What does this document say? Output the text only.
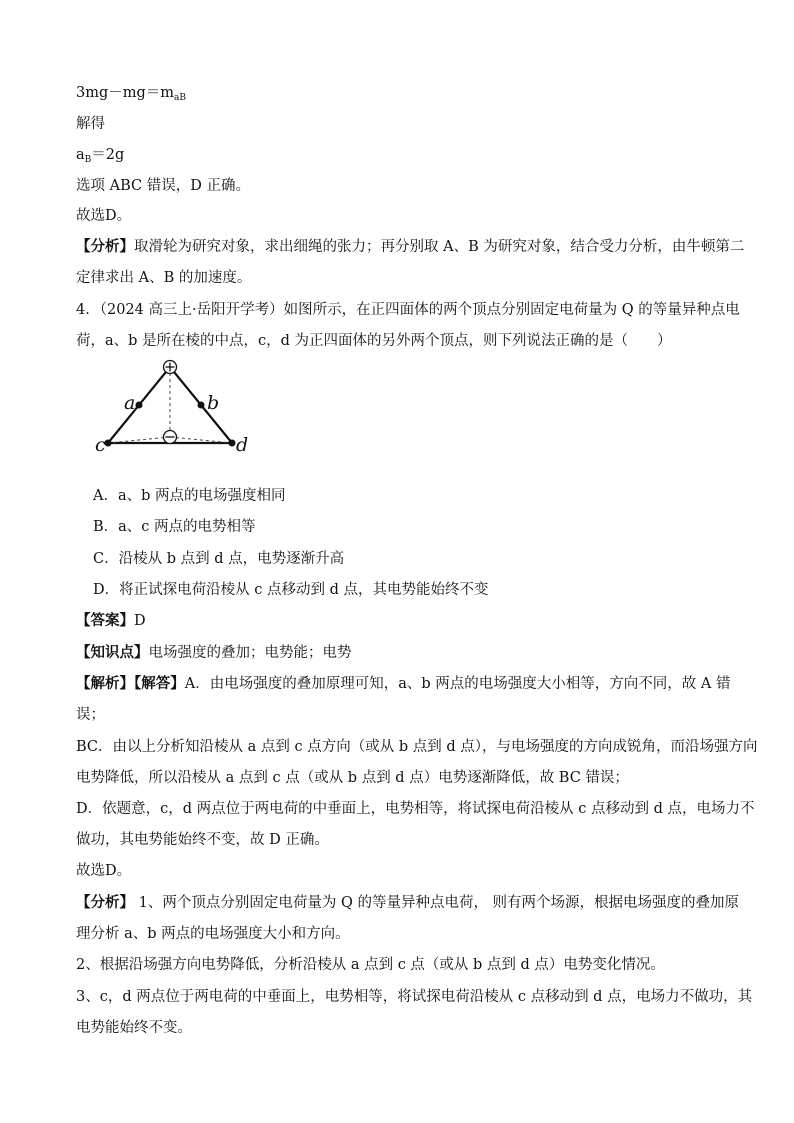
$3mg-mg=m_{aB}$
解得
$a_B=2g$
选项 ABC 错误，D 正确。
故选D。
【分析】取滑轮为研究对象，求出细绳的张力；再分别取 A、B 为研究对象，结合受力分析，由牛顿第二
定律求出 A、B 的加速度。
4．（2024 高三上·岳阳开学考）如图所示，在正四面体的两个顶点分别固定电荷量为 Q 的等量异种点电
荷，a、b 是所在棱的中点，c，d 为正四面体的另外两个顶点，则下列说法正确的是（　　）
a	b
c	d
A．a、b 两点的电场强度相同
B．a、c 两点的电势相等
C．沿棱从 b 点到 d 点，电势逐渐升高
D．将正试探电荷沿棱从 c 点移动到 d 点，其电势能始终不变
【答案】D
【知识点】电场强度的叠加；电势能；电势
【解析】【解答】A．由电场强度的叠加原理可知，a、b 两点的电场强度大小相等，方向不同，故 A 错
误；
BC．由以上分析知沿棱从 a 点到 c 点方向（或从 b 点到 d 点），与电场强度的方向成锐角，而沿场强方向
电势降低，所以沿棱从 a 点到 c 点（或从 b 点到 d 点）电势逐渐降低，故 BC 错误；
D．依题意，c，d 两点位于两电荷的中垂面上，电势相等，将试探电荷沿棱从 c 点移动到 d 点，电场力不
做功，其电势能始终不变，故 D 正确。
故选D。
【分析】 1、两个顶点分别固定电荷量为 Q 的等量异种点电荷， 则有两个场源，根据电场强度的叠加原
理分析 a、b 两点的电场强度大小和方向。
2、根据沿场强方向电势降低，分析沿棱从 a 点到 c 点（或从 b 点到 d 点）电势变化情况。
3、c，d 两点位于两电荷的中垂面上，电势相等，将试探电荷沿棱从 c 点移动到 d 点，电场力不做功，其
电势能始终不变。
